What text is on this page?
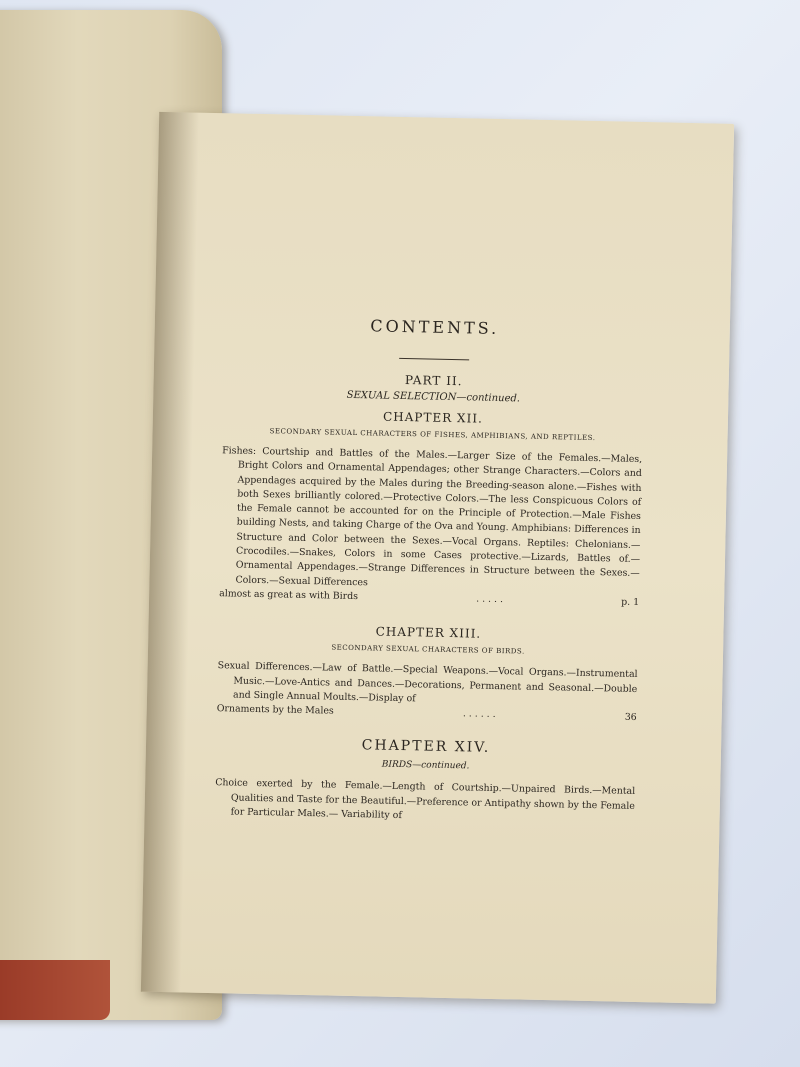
CONTENTS.
PART II.
SEXUAL SELECTION—continued.
CHAPTER XII.
SECONDARY SEXUAL CHARACTERS OF FISHES, AMPHIBIANS, AND REPTILES.

Fishes: Courtship and Battles of the Males.—Larger Size of the Females.—Males, Bright Colors and Ornamental Appendages; other Strange Characters.—Colors and Appendages acquired by the Males during the Breeding-season alone.—Fishes with both Sexes brilliantly colored.—Protective Colors.—The less Conspicuous Colors of the Female cannot be accounted for on the Principle of Protection.—Male Fishes building Nests, and taking Charge of the Ova and Young. Amphibians: Differences in Structure and Color between the Sexes.—Vocal Organs. Reptiles: Chelonians.—Crocodiles.—Snakes, Colors in some Cases protective.—Lizards, Battles of.—Ornamental Appendages.—Strange Differences in Structure between the Sexes.—Colors.—Sexual Differences

almost as great as with Birds	. . . . .	p. 1
CHAPTER XIII.
SECONDARY SEXUAL CHARACTERS OF BIRDS.

Sexual Differences.—Law of Battle.—Special Weapons.—Vocal Organs.—Instrumental Music.—Love-Antics and Dances.—Decorations, Permanent and Seasonal.—Double and Single Annual Moults.—Display of

Ornaments by the Males	. . . . . .	36
CHAPTER XIV.
BIRDS—continued.

Choice exerted by the Female.—Length of Courtship.—Unpaired Birds.—Mental Qualities and Taste for the Beautiful.—Preference or Antipathy shown by the Female for Particular Males.— Variability of
